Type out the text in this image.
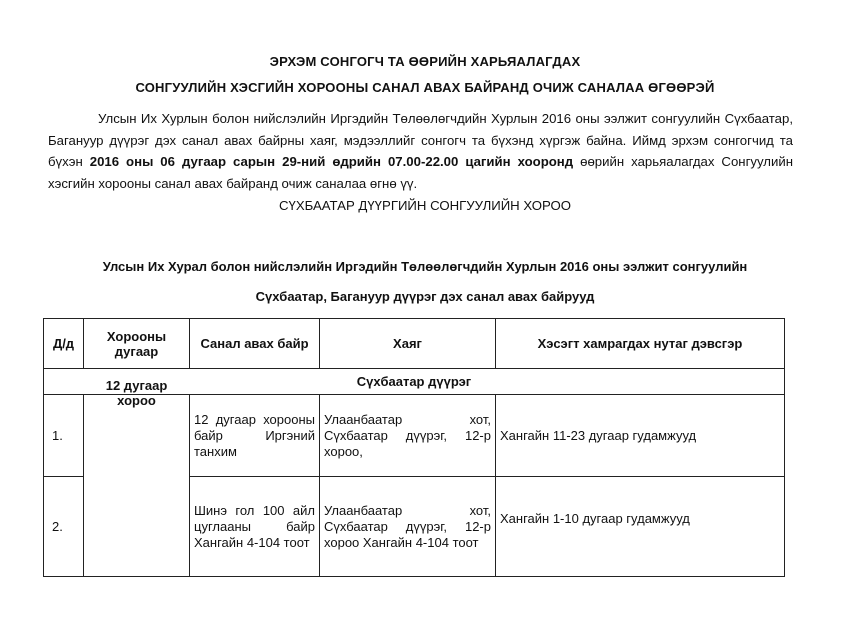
ЭРХЭМ СОНГОГЧ ТА ӨӨРИЙН ХАРЬЯАЛАГДАХ
СОНГУУЛИЙН ХЭСГИЙН ХОРООНЫ САНАЛ АВАХ БАЙРАНД ОЧИЖ САНАЛАА ӨГӨӨРЭЙ

Улсын Их Хурлын болон нийслэлийн Иргэдийн Төлөөлөгчдийн Хурлын 2016 оны ээлжит сонгуулийн Сүхбаатар, Багануур дүүрэг дэх санал авах байрны хаяг, мэдээллийг сонгогч та бүхэнд хүргэж байна. Иймд эрхэм сонгогчид та бүхэн 2016 оны 06 дугаар сарын 29-ний өдрийн 07.00-22.00 цагийн хооронд өөрийн харьяалагдах Сонгуулийн хэсгийн хорооны санал авах байранд очиж саналаа өгнө үү.

СҮХБААТАР ДҮҮРГИЙН СОНГУУЛИЙН ХОРОО
Улсын Их Хурал болон нийслэлийн Иргэдийн Төлөөлөгчдийн Хурлын 2016 оны ээлжит сонгуулийн
Сүхбаатар, Багануур дүүрэг дэх санал авах байрууд
Д/д	Хорооны дугаар	Санал авах байр	Хаяг	Хэсэгт хамрагдах нутаг дэвсгэр
Сүхбаатар дүүрэг				
1.	12 дугаар хороо	12 дугаар хорооны байр Иргэний танхим	Улаанбаатар хот, Сүхбаатар дүүрэг, 12-р хороо,	Хангайн 11-23 дугаар гудамжууд
2.		Шинэ гол 100 айл цуглааны байр Хангайн 4-104 тоот	Улаанбаатар хот, Сүхбаатар дүүрэг, 12-р хороо Хангайн 4-104 тоот	Хангайн 1-10 дугаар гудамжууд
